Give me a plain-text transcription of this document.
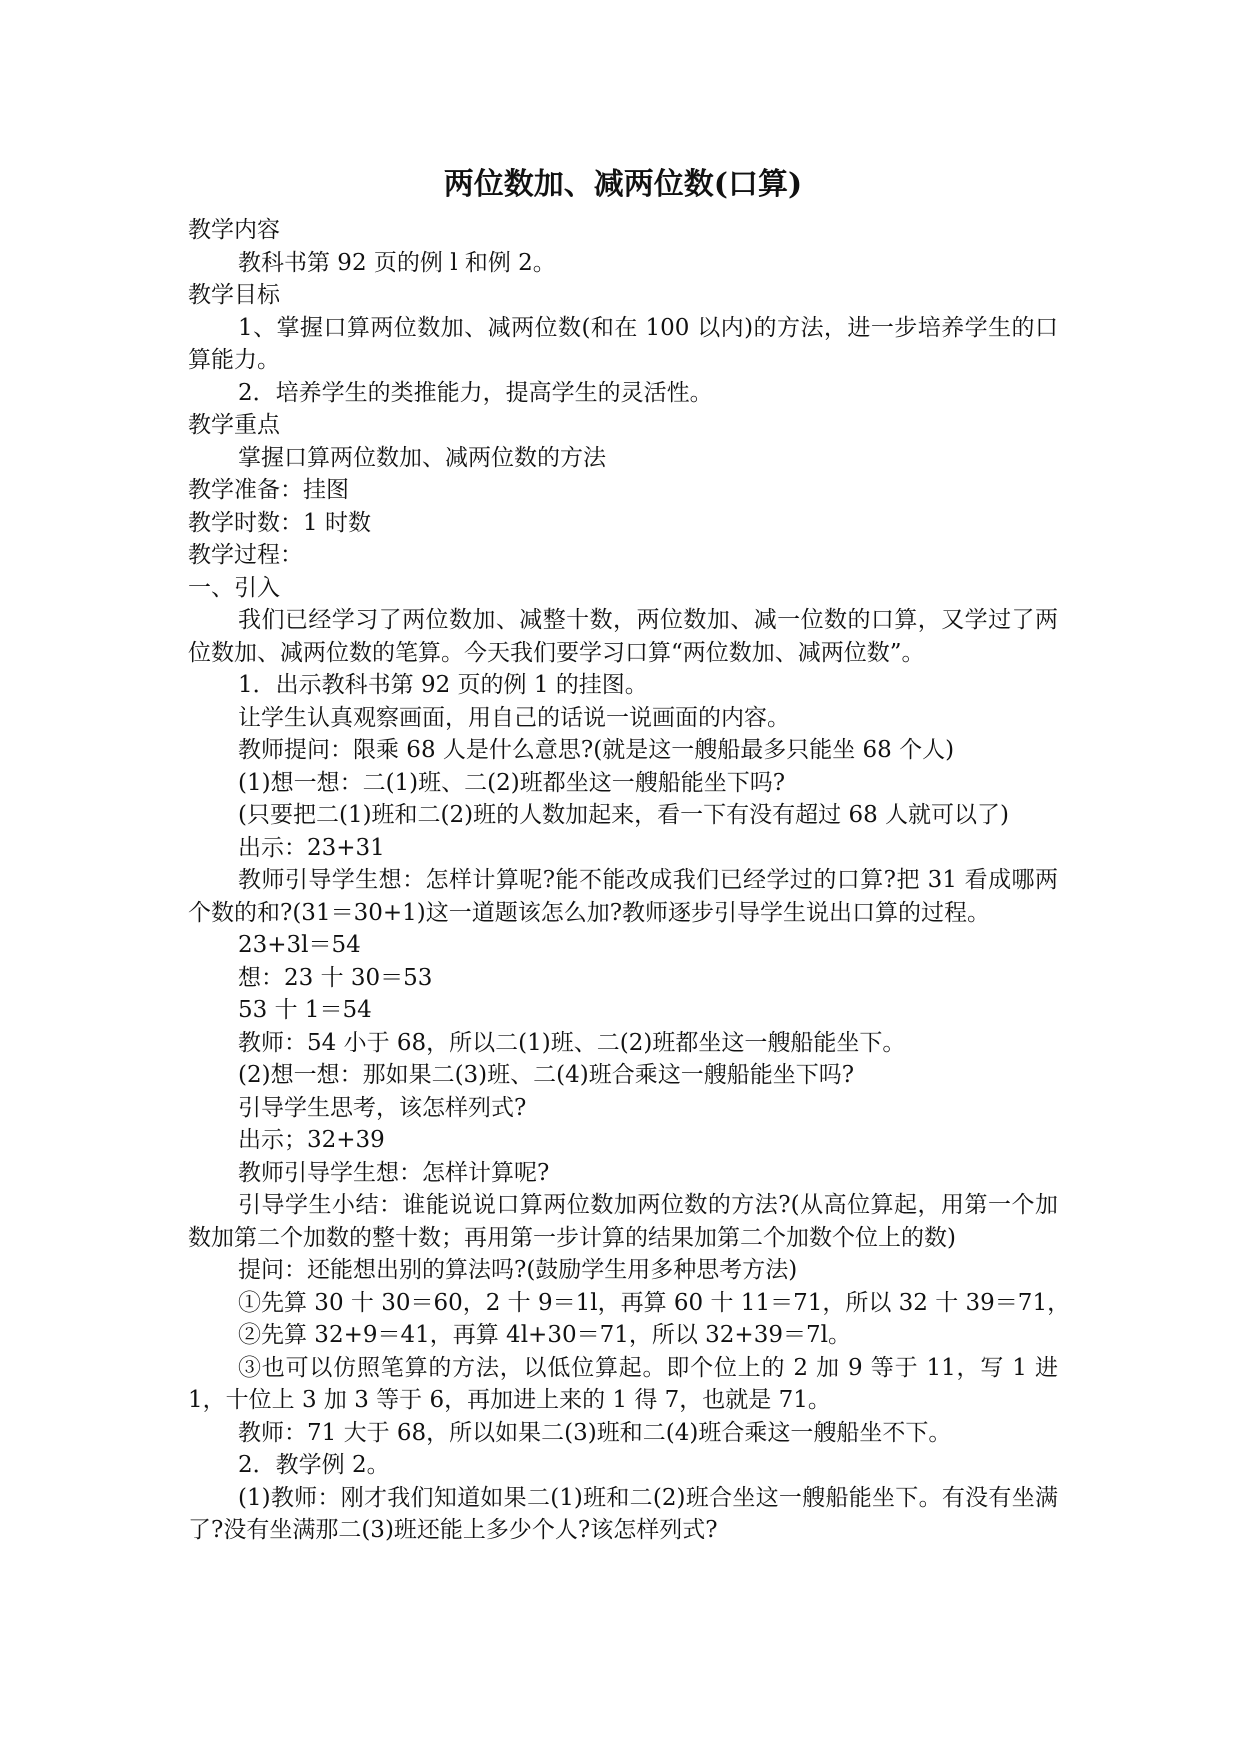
两位数加、减两位数(口算)

教学内容

教科书第 92 页的例 l 和例 2。

教学目标

1、掌握口算两位数加、减两位数(和在 100 以内)的方法，进一步培养学生的口算能力。

2．培养学生的类推能力，提高学生的灵活性。

教学重点

掌握口算两位数加、减两位数的方法

教学准备：挂图

教学时数：1 时数

教学过程：

一、引入

我们已经学习了两位数加、减整十数，两位数加、减一位数的口算，又学过了两位数加、减两位数的笔算。今天我们要学习口算“两位数加、减两位数”。

1．出示教科书第 92 页的例 1 的挂图。

让学生认真观察画面，用自己的话说一说画面的内容。

教师提问：限乘 68 人是什么意思?(就是这一艘船最多只能坐 68 个人)

(1)想一想：二(1)班、二(2)班都坐这一艘船能坐下吗?

(只要把二(1)班和二(2)班的人数加起来，看一下有没有超过 68 人就可以了)

出示：23+31

教师引导学生想：怎样计算呢?能不能改成我们已经学过的口算?把 31 看成哪两个数的和?(31＝30+1)这一道题该怎么加?教师逐步引导学生说出口算的过程。

23+3l＝54

想：23 十 30＝53

53 十 1＝54

教师：54 小于 68，所以二(1)班、二(2)班都坐这一艘船能坐下。

(2)想一想：那如果二(3)班、二(4)班合乘这一艘船能坐下吗?

引导学生思考，该怎样列式?

出示；32+39

教师引导学生想：怎样计算呢?

引导学生小结：谁能说说口算两位数加两位数的方法?(从高位算起，用第一个加数加第二个加数的整十数；再用第一步计算的结果加第二个加数个位上的数)

提问：还能想出别的算法吗?(鼓励学生用多种思考方法)

①先算 30 十 30＝60，2 十 9＝1l，再算 60 十 11＝71，所以 32 十 39＝71，

②先算 32+9＝41，再算 4l+30＝71，所以 32+39＝7l。

③也可以仿照笔算的方法，以低位算起。即个位上的 2 加 9 等于 11，写 1 进 1，十位上 3 加 3 等于 6，再加进上来的 1 得 7，也就是 71。

教师：71 大于 68，所以如果二(3)班和二(4)班合乘这一艘船坐不下。

2．教学例 2。

(1)教师：刚才我们知道如果二(1)班和二(2)班合坐这一艘船能坐下。有没有坐满了?没有坐满那二(3)班还能上多少个人?该怎样列式?
